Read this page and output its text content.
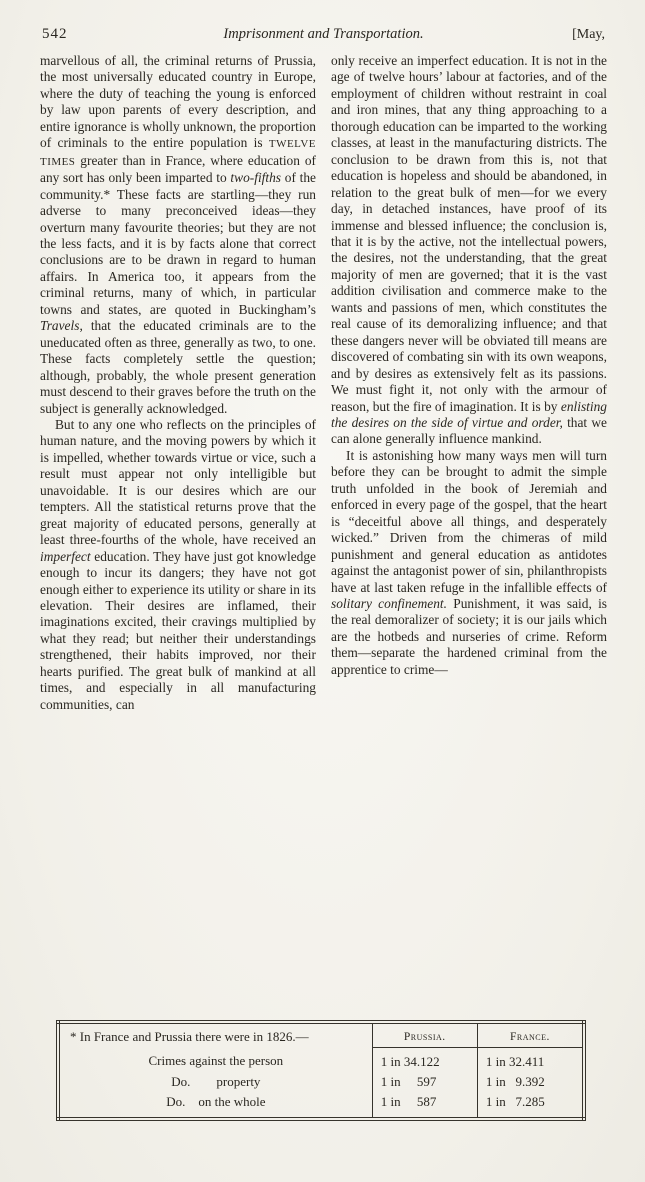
542	Imprisonment and Transportation.	[May,

marvellous of all, the criminal returns of Prussia, the most universally educated country in Europe, where the duty of teaching the young is enforced by law upon parents of every description, and entire ignorance is wholly unknown, the proportion of criminals to the entire population is TWELVE TIMES greater than in France, where education of any sort has only been imparted to two-fifths of the community.* These facts are startling—they run adverse to many preconceived ideas—they overturn many favourite theories; but they are not the less facts, and it is by facts alone that correct conclusions are to be drawn in regard to human affairs. In America too, it appears from the criminal returns, many of which, in particular towns and states, are quoted in Buckingham’s Travels, that the educated criminals are to the uneducated often as three, generally as two, to one. These facts completely settle the question; although, probably, the whole present generation must descend to their graves before the truth on the subject is generally acknowledged.

But to any one who reflects on the principles of human nature, and the moving powers by which it is impelled, whether towards virtue or vice, such a result must appear not only intelligible but unavoidable. It is our desires which are our tempters. All the statistical returns prove that the great majority of educated persons, generally at least three-fourths of the whole, have received an imperfect education. They have just got knowledge enough to incur its dangers; they have not got enough either to experience its utility or share in its elevation. Their desires are inflamed, their imaginations excited, their cravings multiplied by what they read; but neither their understandings strengthened, their habits improved, nor their hearts purified. The great bulk of mankind at all times, and especially in all manufacturing communities, can

only receive an imperfect education. It is not in the age of twelve hours’ labour at factories, and of the employment of children without restraint in coal and iron mines, that any thing approaching to a thorough education can be imparted to the working classes, at least in the manufacturing districts. The conclusion to be drawn from this is, not that education is hopeless and should be abandoned, in relation to the great bulk of men—for we every day, in detached instances, have proof of its immense and blessed influence; the conclusion is, that it is by the active, not the intellectual powers, the desires, not the understanding, that the great majority of men are governed; that it is the vast addition civilisation and commerce make to the wants and passions of men, which constitutes the real cause of its demoralizing influence; and that these dangers never will be obviated till means are discovered of combating sin with its own weapons, and by desires as extensively felt as its passions. We must fight it, not only with the armour of reason, but the fire of imagination. It is by enlisting the desires on the side of virtue and order, that we can alone generally influence mankind.

It is astonishing how many ways men will turn before they can be brought to admit the simple truth unfolded in the book of Jeremiah and enforced in every page of the gospel, that the heart is “deceitful above all things, and desperately wicked.” Driven from the chimeras of mild punishment and general education as antidotes against the antagonist power of sin, philanthropists have at last taken refuge in the infallible effects of solitary confinement. Punishment, it was said, is the real demoralizer of society; it is our jails which are the hotbeds and nurseries of crime. Reform them—separate the hardened criminal from the apprentice to crime—

* In France and Prussia there were in 1826.—	Prussia.	France.
Crimes against the person	1 in 34.122	1 in 32.411
Do.        property	1 in     597	1 in   9.392
Do.    on the whole	1 in     587	1 in   7.285
